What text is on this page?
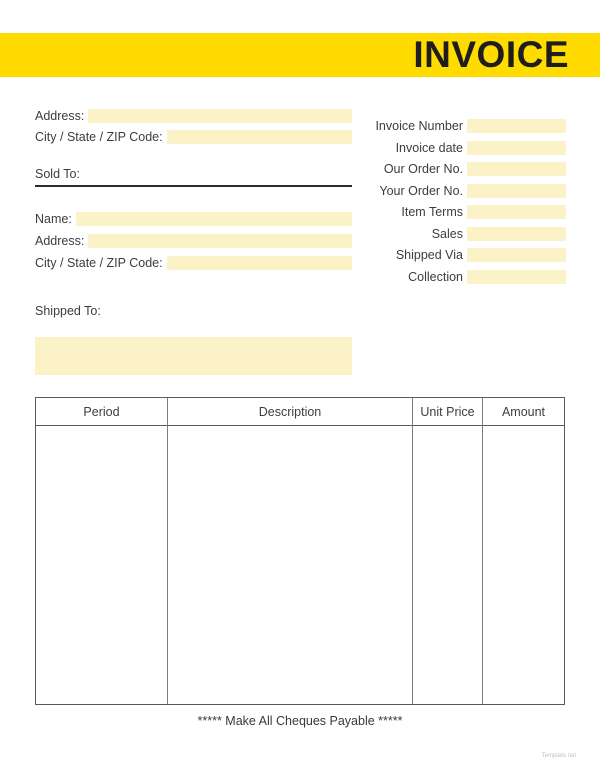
INVOICE
Address:
City / State / ZIP Code:
Sold To:
Name:
Address:
City / State / ZIP Code:
Shipped To:
Invoice Number
Invoice date
Our Order No.
Your Order No.
Item Terms
Sales
Shipped Via
Collection
Period	Description	Unit Price	Amount
***** Make All Cheques Payable *****
Template.net
